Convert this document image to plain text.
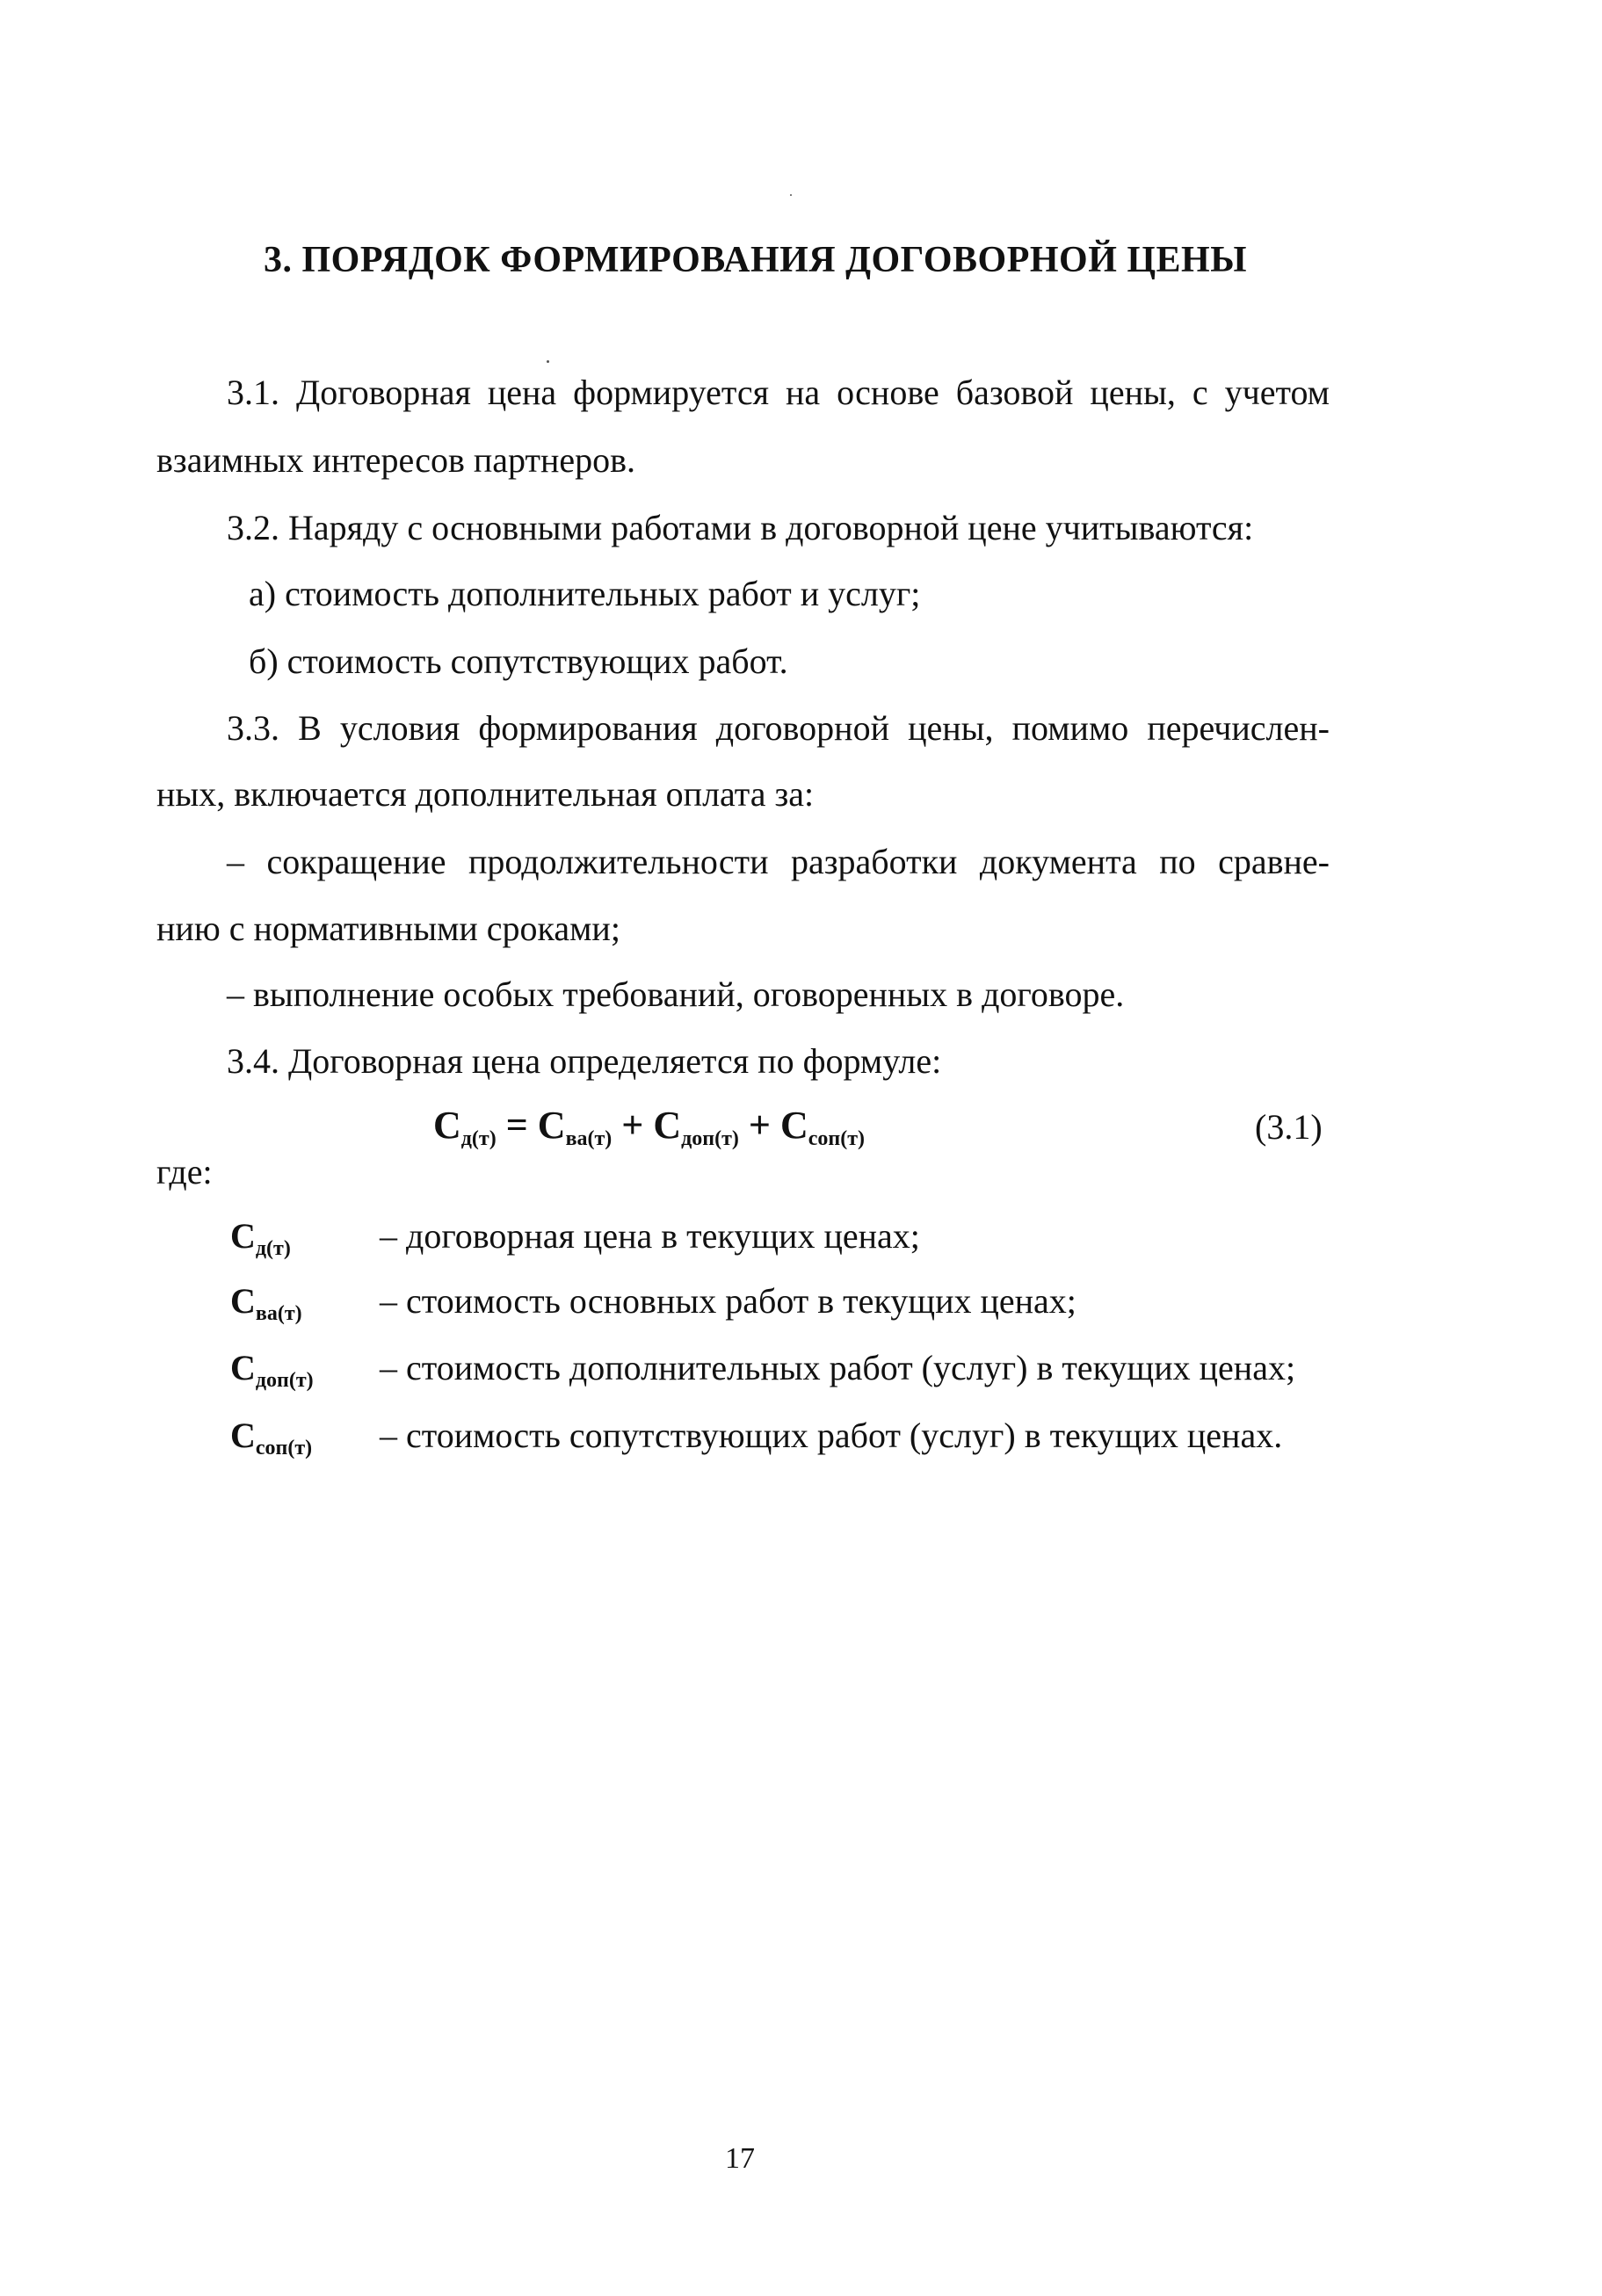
3. ПОРЯДОК ФОРМИРОВАНИЯ ДОГОВОРНОЙ ЦЕНЫ
3.1. Договорная цена формируется на основе базовой цены, с учетом
взаимных интересов партнеров.
3.2. Наряду с основными работами в договорной цене учитываются:
а) стоимость дополнительных работ и услуг;
б) стоимость сопутствующих работ.
3.3. В условия формирования договорной цены, помимо перечислен-
ных, включается дополнительная оплата за:
– сокращение продолжительности разработки документа по сравне-
нию с нормативными сроками;
– выполнение особых требований, оговоренных в договоре.
3.4. Договорная цена определяется по формуле:
$С_{д(т)} = С_{ва(т)} + С_{доп(т)} + С_{соп(т)}$	(3.1)
где:
$С_{д(т)}$	– договорная цена в текущих ценах;
$С_{ва(т)}$ – стоимость основных работ в текущих ценах;
$С_{доп(т)}$ – стоимость дополнительных работ (услуг) в текущих ценах;
$С_{соп(т)}$ – стоимость сопутствующих работ (услуг) в текущих ценах.
17
